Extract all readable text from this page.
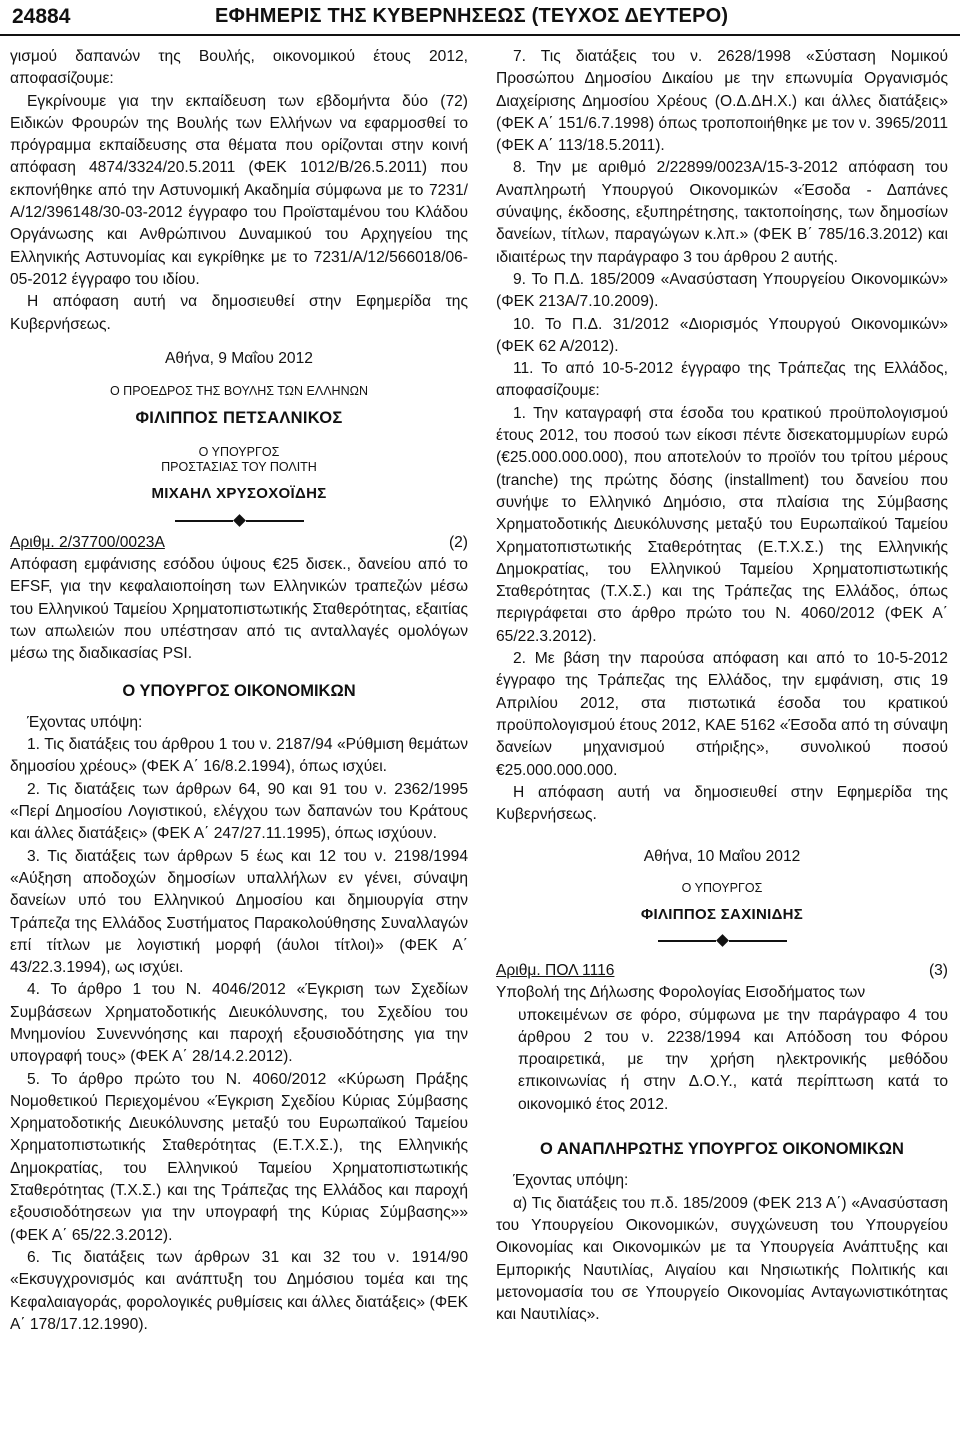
24884	ΕΦΗΜΕΡΙΣ ΤΗΣ ΚΥΒΕΡΝΗΣΕΩΣ (ΤΕΥΧΟΣ ΔΕΥΤΕΡΟ)

γισμού δαπανών της Βουλής, οικονομικού έτους 2012, αποφασίζουμε:

Εγκρίνουμε για την εκπαίδευση των εβδομήντα δύο (72) Ειδικών Φρουρών της Βουλής των Ελλήνων να εφαρμοσθεί το πρόγραμμα εκπαίδευσης στα θέματα που ορίζονται στην κοινή απόφαση 4874/3324/20.5.2011 (ΦΕΚ 1012/Β/26.5.2011) που εκπονήθηκε από την Αστυνομική Ακαδημία σύμφωνα με το 7231/Α/12/396148/30-03-2012 έγγραφο του Προϊσταμένου του Κλάδου Οργάνωσης και Ανθρώπινου Δυναμικού του Αρχηγείου της Ελληνικής Αστυνομίας και εγκρίθηκε με το 7231/Α/12/566018/06-05-2012 έγγραφο του ιδίου.

Η απόφαση αυτή να δημοσιευθεί στην Εφημερίδα της Κυβερνήσεως.

Αθήνα, 9 Μαΐου 2012
Ο ΠΡΟΕΔΡΟΣ ΤΗΣ ΒΟΥΛΗΣ ΤΩΝ ΕΛΛΗΝΩΝ
ΦΙΛΙΠΠΟΣ ΠΕΤΣΑΛΝΙΚΟΣ
Ο ΥΠΟΥΡΓΟΣ
ΠΡΟΣΤΑΣΙΑΣ ΤΟΥ ΠΟΛΙΤΗ
ΜΙΧΑΗΛ ΧΡΥΣΟΧΟΪΔΗΣ
Αριθμ. 2/37700/0023Α	(2)

Απόφαση εμφάνισης εσόδου ύψους €25 δισεκ., δανείου από το EFSF, για την κεφαλαιοποίηση των Ελληνικών τραπεζών μέσω του Ελληνικού Ταμείου Χρηματοπιστωτικής Σταθερότητας, εξαιτίας των απωλειών που υπέστησαν από τις ανταλλαγές ομολόγων μέσω της διαδικασίας PSI.

Ο ΥΠΟΥΡΓΟΣ ΟΙΚΟΝΟΜΙΚΩΝ

Έχοντας υπόψη:

1. Τις διατάξεις του άρθρου 1 του ν. 2187/94 «Ρύθμιση θεμάτων δημοσίου χρέους» (ΦΕΚ Α΄ 16/8.2.1994), όπως ισχύει.

2. Τις διατάξεις των άρθρων 64, 90 και 91 του ν. 2362/1995 «Περί Δημοσίου Λογιστικού, ελέγχου των δαπανών του Κράτους και άλλες διατάξεις» (ΦΕΚ Α΄ 247/27.11.1995), όπως ισχύουν.

3. Τις διατάξεις των άρθρων 5 έως και 12 του ν. 2198/1994 «Αύξηση αποδοχών δημοσίων υπαλλήλων εν γένει, σύναψη δανείων υπό του Ελληνικού Δημοσίου και δημιουργία στην Τράπεζα της Ελλάδος Συστήματος Παρακολούθησης Συναλλαγών επί τίτλων με λογιστική μορφή (άυλοι τίτλοι)» (ΦΕΚ Α΄ 43/22.3.1994), ως ισχύει.

4. Το άρθρο 1 του Ν. 4046/2012 «Έγκριση των Σχεδίων Συμβάσεων Χρηματοδοτικής Διευκόλυνσης, του Σχεδίου του Μνημονίου Συνεννόησης και παροχή εξουσιοδότησης για την υπογραφή τους» (ΦΕΚ Α΄ 28/14.2.2012).

5. Το άρθρο πρώτο του Ν. 4060/2012 «Κύρωση Πράξης Νομοθετικού Περιεχομένου «Έγκριση Σχεδίου Κύριας Σύμβασης Χρηματοδοτικής Διευκόλυνσης μεταξύ του Ευρωπαϊκού Ταμείου Χρηματοπιστωτικής Σταθερότητας (Ε.Τ.Χ.Σ.), της Ελληνικής Δημοκρατίας, του Ελληνικού Ταμείου Χρηματοπιστωτικής Σταθερότητας (Τ.Χ.Σ.) και της Τράπεζας της Ελλάδος και παροχή εξουσιοδότησεων για την υπογραφή της Κύριας Σύμβασης»» (ΦΕΚ Α΄ 65/22.3.2012).

6. Τις διατάξεις των άρθρων 31 και 32 του ν. 1914/90 «Εκσυγχρονισμός και ανάπτυξη του Δημόσιου τομέα και της Κεφαλαιαγοράς, φορολογικές ρυθμίσεις και άλλες διατάξεις» (ΦΕΚ Α΄ 178/17.12.1990).

7. Τις διατάξεις του ν. 2628/1998 «Σύσταση Νομικού Προσώπου Δημοσίου Δικαίου με την επωνυμία Οργανισμός Διαχείρισης Δημοσίου Χρέους (Ο.Δ.ΔΗ.Χ.) και άλλες διατάξεις» (ΦΕΚ Α΄ 151/6.7.1998) όπως τροποποιήθηκε με τον ν. 3965/2011 (ΦΕΚ Α΄ 113/18.5.2011).

8. Την με αριθμό 2/22899/0023Α/15-3-2012 απόφαση του Αναπληρωτή Υπουργού Οικονομικών «Έσοδα - Δαπάνες σύναψης, έκδοσης, εξυπηρέτησης, τακτοποίησης, των δημοσίων δανείων, τίτλων, παραγώγων κ.λπ.» (ΦΕΚ Β΄ 785/16.3.2012) και ιδιαιτέρως την παράγραφο 3 του άρθρου 2 αυτής.

9. Το Π.Δ. 185/2009 «Ανασύσταση Υπουργείου Οικονομικών» (ΦΕΚ 213Α/7.10.2009).

10. Το Π.Δ. 31/2012 «Διορισμός Υπουργού Οικονομικών» (ΦΕΚ 62 Α/2012).

11. Το από 10-5-2012 έγγραφο της Τράπεζας της Ελλάδος, αποφασίζουμε:

1. Την καταγραφή στα έσοδα του κρατικού προϋπολογισμού έτους 2012, του ποσού των είκοσι πέντε δισεκατομμυρίων ευρώ (€25.000.000.000), που αποτελούν το προϊόν του τρίτου μέρους (tranche) της πρώτης δόσης (installment) του δανείου που συνήψε το Ελληνικό Δημόσιο, στα πλαίσια της Σύμβασης Χρηματοδοτικής Διευκόλυνσης μεταξύ του Ευρωπαϊκού Ταμείου Χρηματοπιστωτικής Σταθερότητας (Ε.Τ.Χ.Σ.) της Ελληνικής Δημοκρατίας, του Ελληνικού Ταμείου Χρηματοπιστωτικής Σταθερότητας (Τ.Χ.Σ.) και της Τράπεζας της Ελλάδος, όπως περιγράφεται στο άρθρο πρώτο του Ν. 4060/2012 (ΦΕΚ Α΄ 65/22.3.2012).

2. Με βάση την παρούσα απόφαση και από το 10-5-2012 έγγραφο της Τράπεζας της Ελλάδος, την εμφάνιση, στις 19 Απριλίου 2012, στα πιστωτικά έσοδα του κρατικού προϋπολογισμού έτους 2012, ΚΑΕ 5162 «Έσοδα από τη σύναψη δανείων μηχανισμού στήριξης», συνολικού ποσού €25.000.000.000.

Η απόφαση αυτή να δημοσιευθεί στην Εφημερίδα της Κυβερνήσεως.

Αθήνα, 10 Μαΐου 2012
Ο ΥΠΟΥΡΓΟΣ
ΦΙΛΙΠΠΟΣ ΣΑΧΙΝΙΔΗΣ
Αριθμ. ΠΟΛ 1116	(3)

Υποβολή της Δήλωσης Φορολογίας Εισοδήματος των

υποκειμένων σε φόρο, σύμφωνα με την παράγραφο 4 του άρθρου 2 του ν. 2238/1994 και Απόδοση του Φόρου προαιρετικά, με την χρήση ηλεκτρονικής μεθόδου επικοινωνίας ή στην Δ.Ο.Υ., κατά περίπτωση κατά το οικονομικό έτος 2012.

Ο ΑΝΑΠΛΗΡΩΤΗΣ ΥΠΟΥΡΓΟΣ ΟΙΚΟΝΟΜΙΚΩΝ

Έχοντας υπόψη:

α) Τις διατάξεις του π.δ. 185/2009 (ΦΕΚ 213 Α΄) «Ανασύσταση του Υπουργείου Οικονομικών, συγχώνευση του Υπουργείου Οικονομίας και Οικονομικών με τα Υπουργεία Ανάπτυξης και Εμπορικής Ναυτιλίας, Αιγαίου και Νησιωτικής Πολιτικής και μετονομασία του σε Υπουργείο Οικονομίας Ανταγωνιστικότητας και Ναυτιλίας».
